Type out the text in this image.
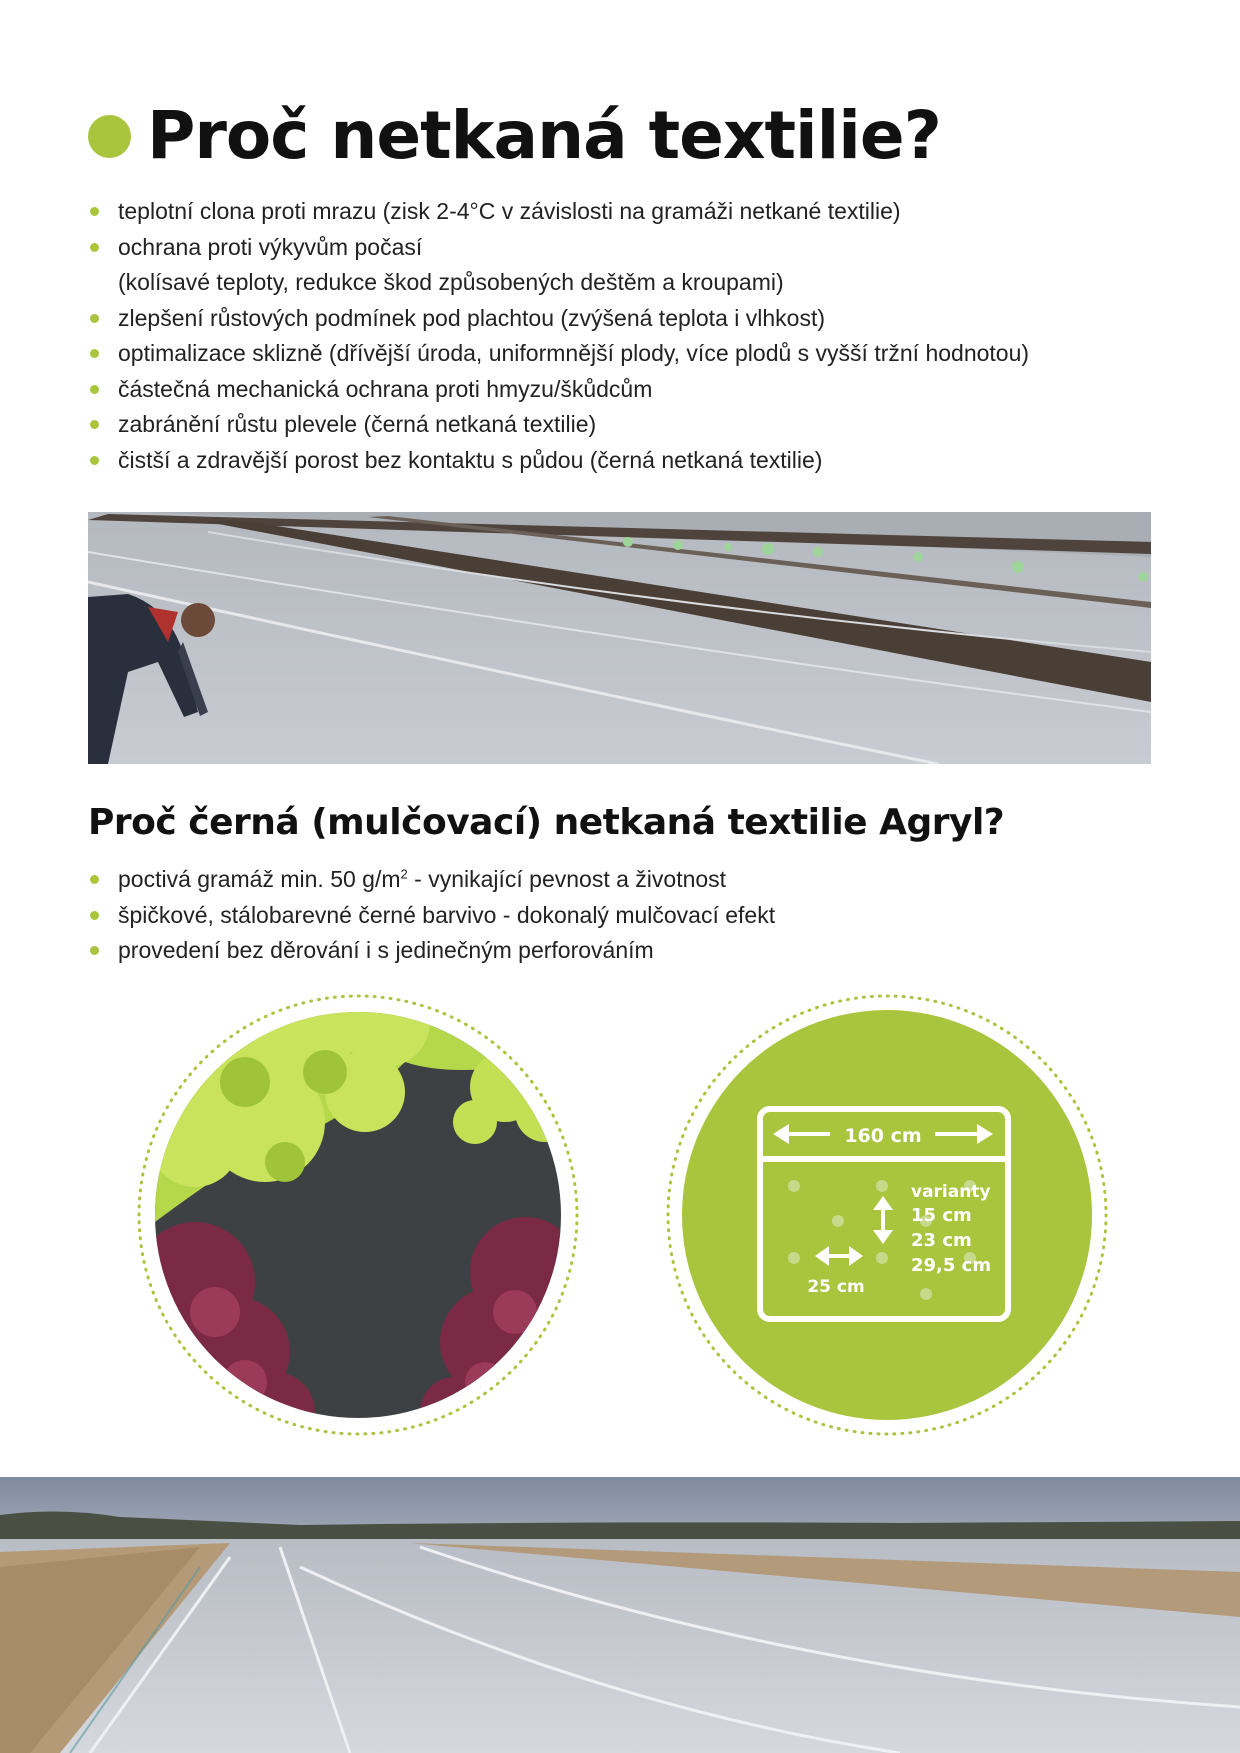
Proč netkaná textilie?
teplotní clona proti mrazu (zisk 2-4°C v závislosti na gramáži netkané textilie)
ochrana proti výkyvům počasí
(kolísavé teploty, redukce škod způsobených deštěm a kroupami)
zlepšení růstových podmínek pod plachtou (zvýšená teplota i vlhkost)
optimalizace sklizně (dřívější úroda, uniformnější plody, více plodů s vyšší tržní hodnotou)
částečná mechanická ochrana proti hmyzu/škůdcům
zabránění růstu plevele (černá netkaná textilie)
čistší a zdravější porost bez kontaktu s půdou (černá netkaná textilie)
Proč černá (mulčovací) netkaná textilie Agryl?
poctivá gramáž min. 50 $g/m^2$ - vynikající pevnost a životnost
špičkové, stálobarevné černé barvivo - dokonalý mulčovací efekt
provedení bez děrování i s jedinečným perforováním
160 cm
25 cm
varianty
15 cm
23 cm
29,5 cm
